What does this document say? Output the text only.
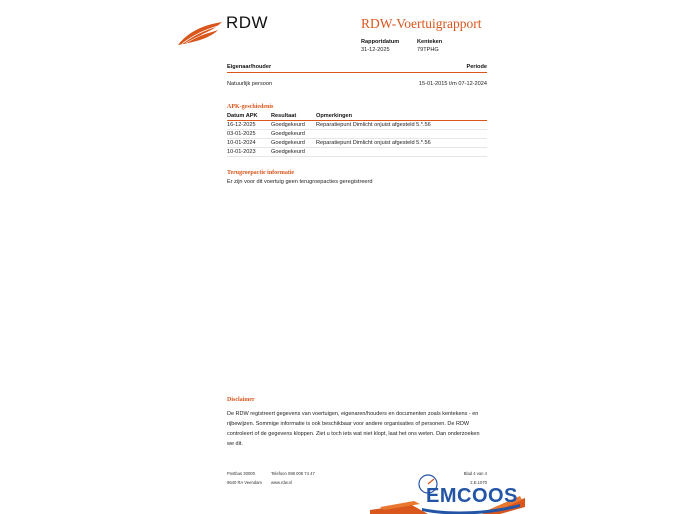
RDW	RDW-Voertuigrapport
Rapportdatum
31-12-2025
Kenteken
79TPHG
Eigenaar/houder	Periode
Natuurlijk persoon	15-01-2015 t/m 07-12-2024
APK-geschiedenis
Datum APK	Resultaat	Opmerkingen
16-12-2025	Goedgekeurd	Reparatiepunt Dimlicht onjuist afgesteld 5.*.56
03-01-2025	Goedgekeurd	
10-01-2024	Goedgekeurd	Reparatiepunt Dimlicht onjuist afgesteld 5.*.56
10-01-2023	Goedgekeurd	
Terugroepactie informatie
Er zijn voor dit voertuig geen terugroepacties geregistreerd
Disclaimer
De RDW registreert gegevens van voertuigen, eigenaren/houders en documenten zoals kentekens - en rijbewijzen. Sommige informatie is ook beschikbaar voor andere organisaties of personen. De RDW controleert of de gegevens kloppen. Ziet u toch iets wat niet klopt, laat het ons weten. Dan onderzoeken we dit.
Postbus 30000
9640 RA Veendam
Telefoon 088 008 74 47
www.rdw.nl
Blad 4 van 4
2.E.1070
EMCOOS
